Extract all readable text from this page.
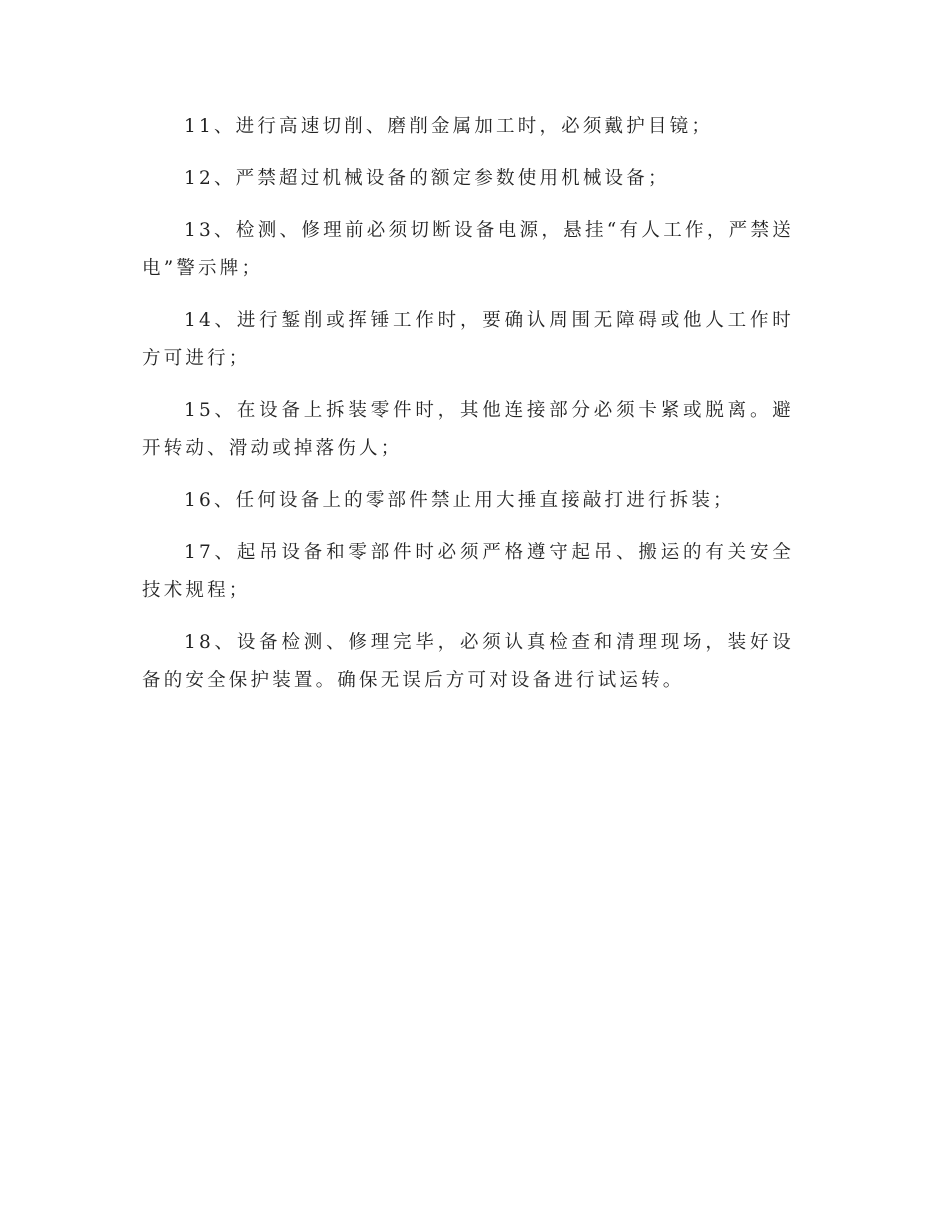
11、进行高速切削、磨削金属加工时，必须戴护目镜；

12、严禁超过机械设备的额定参数使用机械设备；

13、检测、修理前必须切断设备电源，悬挂“有人工作，严禁送电”警示牌；

14、进行錾削或挥锤工作时，要确认周围无障碍或他人工作时方可进行；

15、在设备上拆装零件时，其他连接部分必须卡紧或脱离。避开转动、滑动或掉落伤人；

16、任何设备上的零部件禁止用大捶直接敲打进行拆装；

17、起吊设备和零部件时必须严格遵守起吊、搬运的有关安全技术规程；

18、设备检测、修理完毕，必须认真检查和清理现场，装好设备的安全保护装置。确保无误后方可对设备进行试运转。
